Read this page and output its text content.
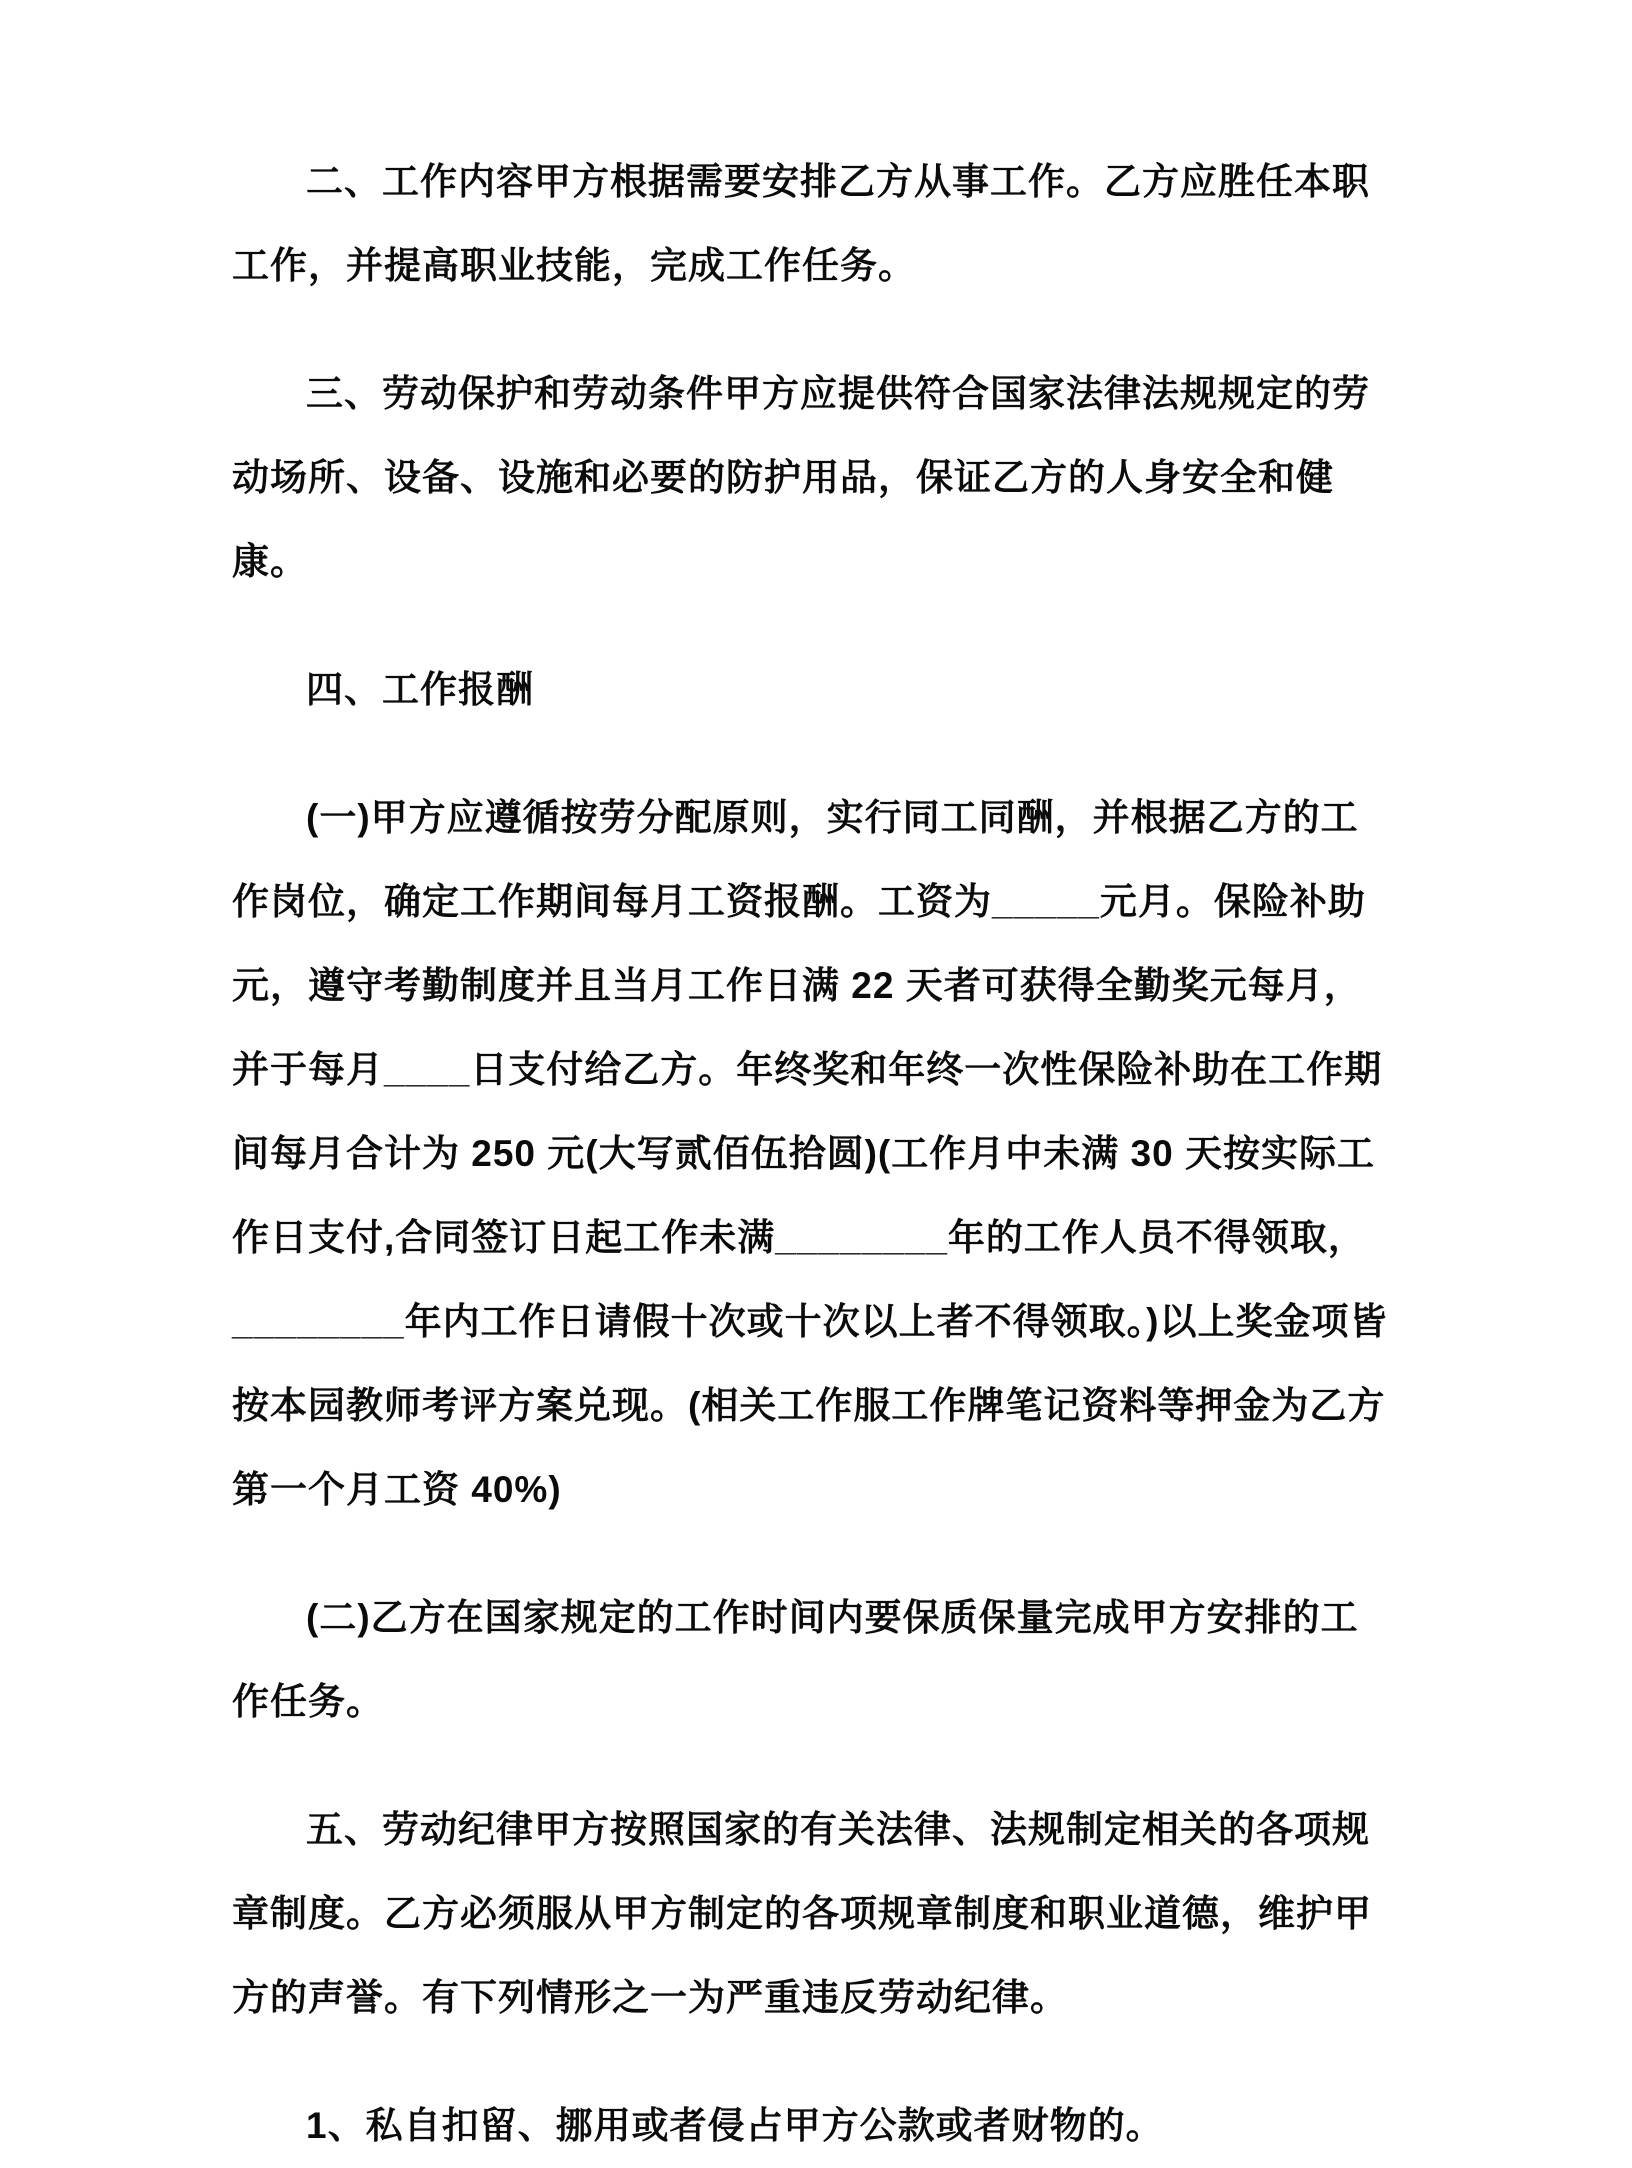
二、工作内容甲方根据需要安排乙方从事工作。乙方应胜任本职工作，并提高职业技能，完成工作任务。

三、劳动保护和劳动条件甲方应提供符合国家法律法规规定的劳动场所、设备、设施和必要的防护用品，保证乙方的人身安全和健康。

四、工作报酬

(一)甲方应遵循按劳分配原则，实行同工同酬，并根据乙方的工作岗位，确定工作期间每月工资报酬。工资为_____元月。保险补助元，遵守考勤制度并且当月工作日满 22 天者可获得全勤奖元每月，并于每月____日支付给乙方。年终奖和年终一次性保险补助在工作期间每月合计为 250 元(大写贰佰伍拾圆)(工作月中未满 30 天按实际工作日支付,合同签订日起工作未满________年的工作人员不得领取，________年内工作日请假十次或十次以上者不得领取。)以上奖金项皆按本园教师考评方案兑现。(相关工作服工作牌笔记资料等押金为乙方第一个月工资 40%)

(二)乙方在国家规定的工作时间内要保质保量完成甲方安排的工作任务。

五、劳动纪律甲方按照国家的有关法律、法规制定相关的各项规章制度。乙方必须服从甲方制定的各项规章制度和职业道德，维护甲方的声誉。有下列情形之一为严重违反劳动纪律。

1、私自扣留、挪用或者侵占甲方公款或者财物的。
